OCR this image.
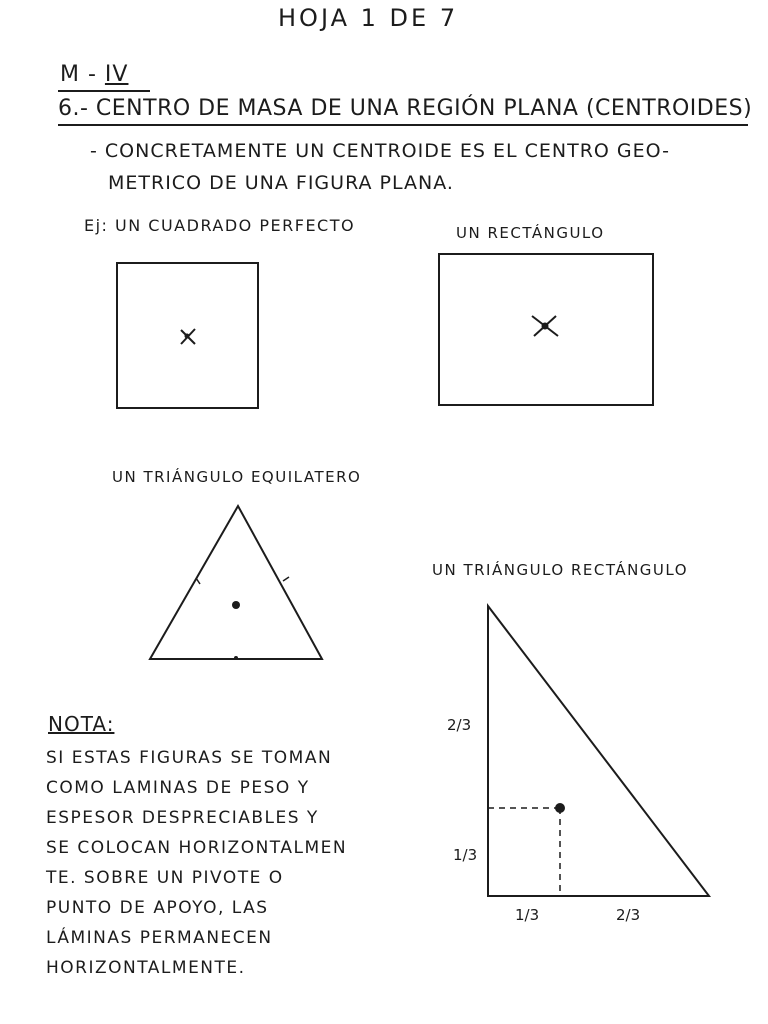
HOJA 1 DE 7
M - IV
6.- CENTRO DE MASA DE UNA REGIÓN PLANA (CENTROIDES)
- CONCRETAMENTE UN CENTROIDE ES EL CENTRO GEO-
METRICO DE UNA FIGURA PLANA.
Ej: UN CUADRADO PERFECTO	UN RECTÁNGULO
UN TRIÁNGULO EQUILATERO
UN TRIÁNGULO RECTÁNGULO
2/3
1/3
1/3	2/3
NOTA:
SI ESTAS FIGURAS SE TOMAN
COMO LAMINAS DE PESO Y
ESPESOR DESPRECIABLES Y
SE COLOCAN HORIZONTALMEN
TE. SOBRE UN PIVOTE O
PUNTO DE APOYO, LAS
LÁMINAS PERMANECEN
HORIZONTALMENTE.
